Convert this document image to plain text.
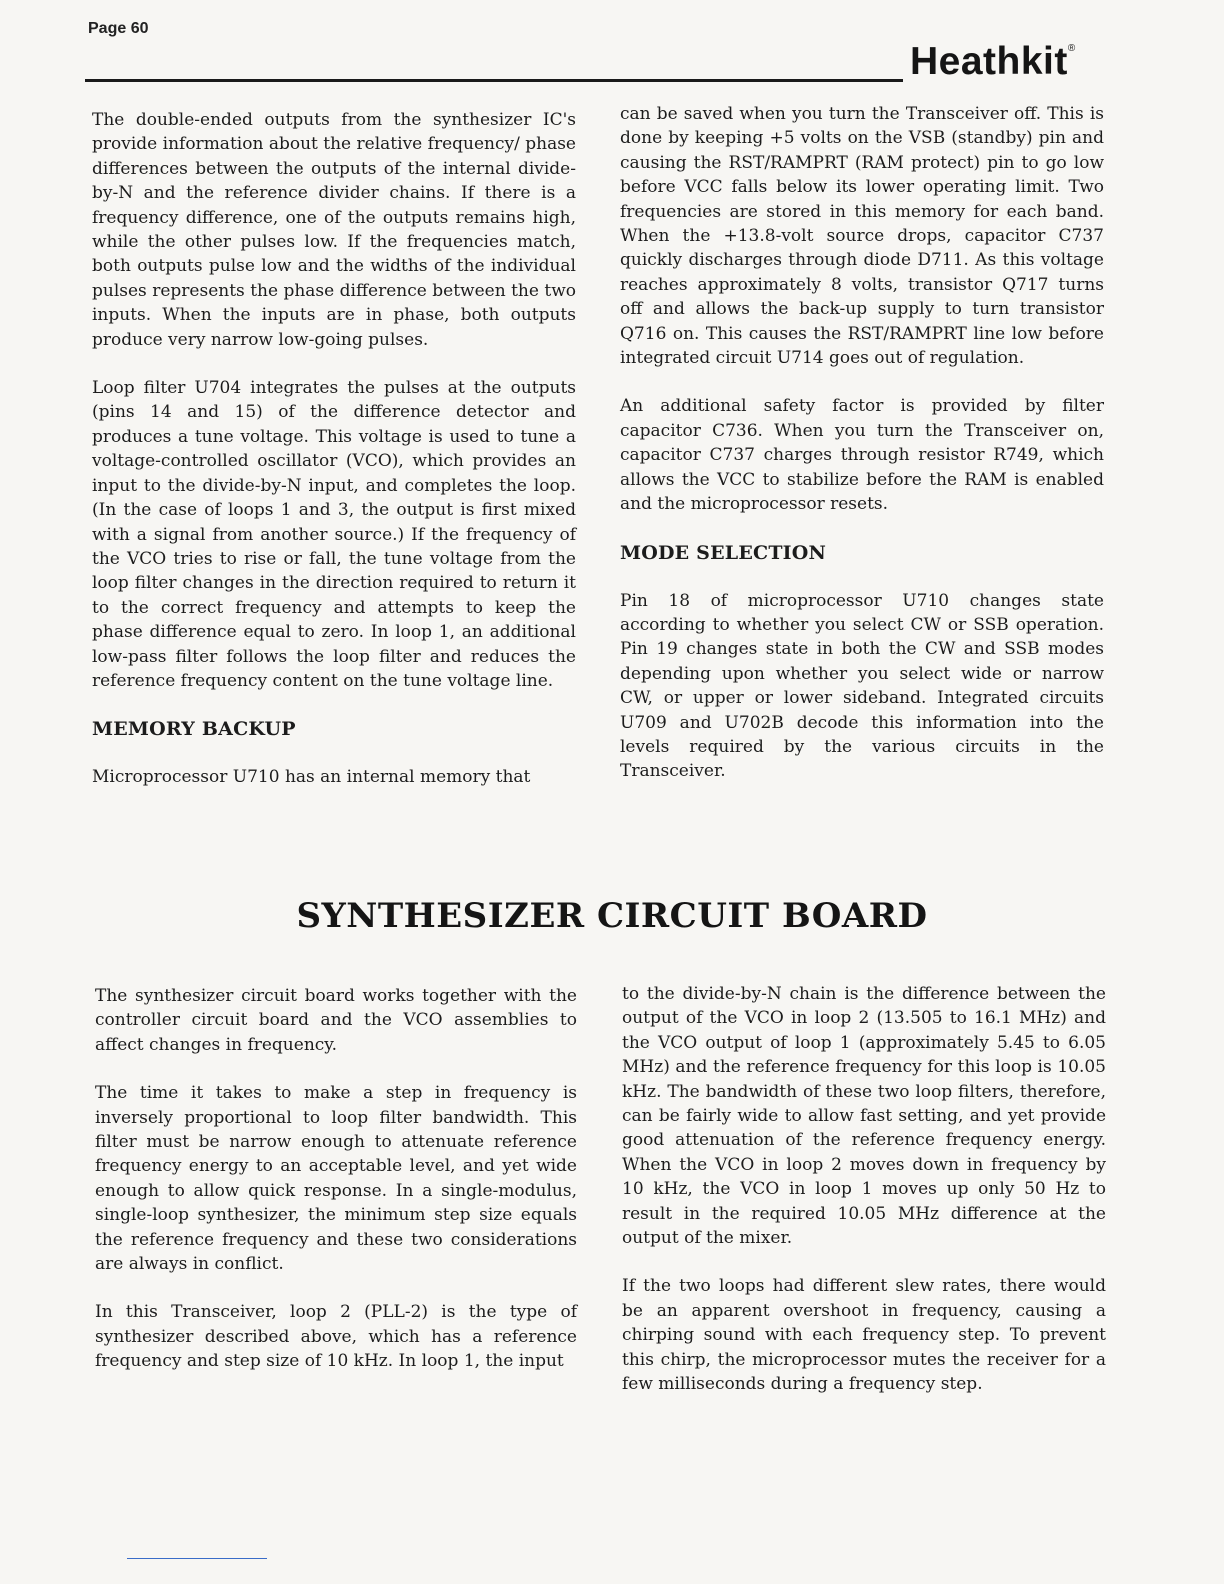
Page 60
Heathkit®

The double-ended outputs from the synthesizer IC's provide information about the relative frequency/ phase differences between the outputs of the internal divide-by-N and the reference divider chains. If there is a frequency difference, one of the outputs remains high, while the other pulses low. If the frequencies match, both outputs pulse low and the widths of the individual pulses represents the phase difference between the two inputs. When the inputs are in phase, both outputs produce very narrow low-going pulses.

Loop filter U704 integrates the pulses at the outputs (pins 14 and 15) of the difference detector and produces a tune voltage. This voltage is used to tune a voltage-controlled oscillator (VCO), which provides an input to the divide-by-N input, and completes the loop. (In the case of loops 1 and 3, the output is first mixed with a signal from another source.) If the frequency of the VCO tries to rise or fall, the tune voltage from the loop filter changes in the direction required to return it to the correct frequency and attempts to keep the phase difference equal to zero. In loop 1, an additional low-pass filter follows the loop filter and reduces the reference frequency content on the tune voltage line.

MEMORY BACKUP

Microprocessor U710 has an internal memory that

can be saved when you turn the Transceiver off. This is done by keeping +5 volts on the VSB (standby) pin and causing the RST/RAMPRT (RAM protect) pin to go low before VCC falls below its lower operating limit. Two frequencies are stored in this memory for each band. When the +13.8-volt source drops, capacitor C737 quickly discharges through diode D711. As this voltage reaches approximately 8 volts, transistor Q717 turns off and allows the back-up supply to turn transistor Q716 on. This causes the RST/RAMPRT line low before integrated circuit U714 goes out of regulation.

An additional safety factor is provided by filter capacitor C736. When you turn the Transceiver on, capacitor C737 charges through resistor R749, which allows the VCC to stabilize before the RAM is enabled and the microprocessor resets.

MODE SELECTION

Pin 18 of microprocessor U710 changes state according to whether you select CW or SSB operation. Pin 19 changes state in both the CW and SSB modes depending upon whether you select wide or narrow CW, or upper or lower sideband. Integrated circuits U709 and U702B decode this information into the levels required by the various circuits in the Transceiver.

SYNTHESIZER CIRCUIT BOARD

The synthesizer circuit board works together with the controller circuit board and the VCO assemblies to affect changes in frequency.

The time it takes to make a step in frequency is inversely proportional to loop filter bandwidth. This filter must be narrow enough to attenuate reference frequency energy to an acceptable level, and yet wide enough to allow quick response. In a single-modulus, single-loop synthesizer, the minimum step size equals the reference frequency and these two considerations are always in conflict.

In this Transceiver, loop 2 (PLL-2) is the type of synthesizer described above, which has a reference frequency and step size of 10 kHz. In loop 1, the input

to the divide-by-N chain is the difference between the output of the VCO in loop 2 (13.505 to 16.1 MHz) and the VCO output of loop 1 (approximately 5.45 to 6.05 MHz) and the reference frequency for this loop is 10.05 kHz. The bandwidth of these two loop filters, therefore, can be fairly wide to allow fast setting, and yet provide good attenuation of the reference frequency energy. When the VCO in loop 2 moves down in frequency by 10 kHz, the VCO in loop 1 moves up only 50 Hz to result in the required 10.05 MHz difference at the output of the mixer.

If the two loops had different slew rates, there would be an apparent overshoot in frequency, causing a chirping sound with each frequency step. To prevent this chirp, the microprocessor mutes the receiver for a few milliseconds during a frequency step.
